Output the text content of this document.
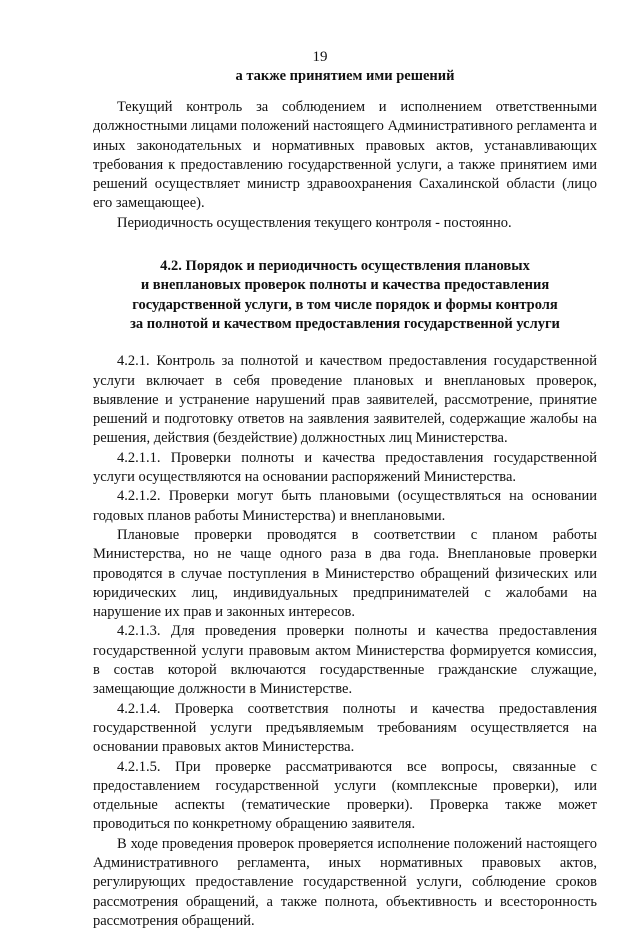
19

а также принятием ими решений

Текущий контроль за соблюдением и исполнением ответственными должностными лицами положений настоящего Административного регламента и иных законодательных и нормативных правовых актов, устанавливающих требования к предоставлению государственной услуги, а также принятием ими решений осуществляет министр здравоохранения Сахалинской области (лицо его замещающее).

Периодичность осуществления текущего контроля - постоянно.

4.2. Порядок и периодичность осуществления плановых
и внеплановых проверок полноты и качества предоставления
государственной услуги, в том числе порядок и формы контроля
за полнотой и качеством предоставления государственной услуги

4.2.1. Контроль за полнотой и качеством предоставления государственной услуги включает в себя проведение плановых и внеплановых проверок, выявление и устранение нарушений прав заявителей, рассмотрение, принятие решений и подготовку ответов на заявления заявителей, содержащие жалобы на решения, действия (бездействие) должностных лиц Министерства.

4.2.1.1. Проверки полноты и качества предоставления государственной услуги осуществляются на основании распоряжений Министерства.

4.2.1.2. Проверки могут быть плановыми (осуществляться на основании годовых планов работы Министерства) и внеплановыми.

Плановые проверки проводятся в соответствии с планом работы Министерства, но не чаще одного раза в два года. Внеплановые проверки проводятся в случае поступления в Министерство обращений физических или юридических лиц, индивидуальных предпринимателей с жалобами на нарушение их прав и законных интересов.

4.2.1.3. Для проведения проверки полноты и качества предоставления государственной услуги правовым актом Министерства формируется комиссия, в состав которой включаются государственные гражданские служащие, замещающие должности в Министерстве.

4.2.1.4. Проверка соответствия полноты и качества предоставления государственной услуги предъявляемым требованиям осуществляется на основании правовых актов Министерства.

4.2.1.5. При проверке рассматриваются все вопросы, связанные с предоставлением государственной услуги (комплексные проверки), или отдельные аспекты (тематические проверки). Проверка также может проводиться по конкретному обращению заявителя.

В ходе проведения проверок проверяется исполнение положений настоящего Административного регламента, иных нормативных правовых актов, регулирующих предоставление государственной услуги, соблюдение сроков рассмотрения обращений, а также полнота, объективность и всесторонность рассмотрения обращений.
